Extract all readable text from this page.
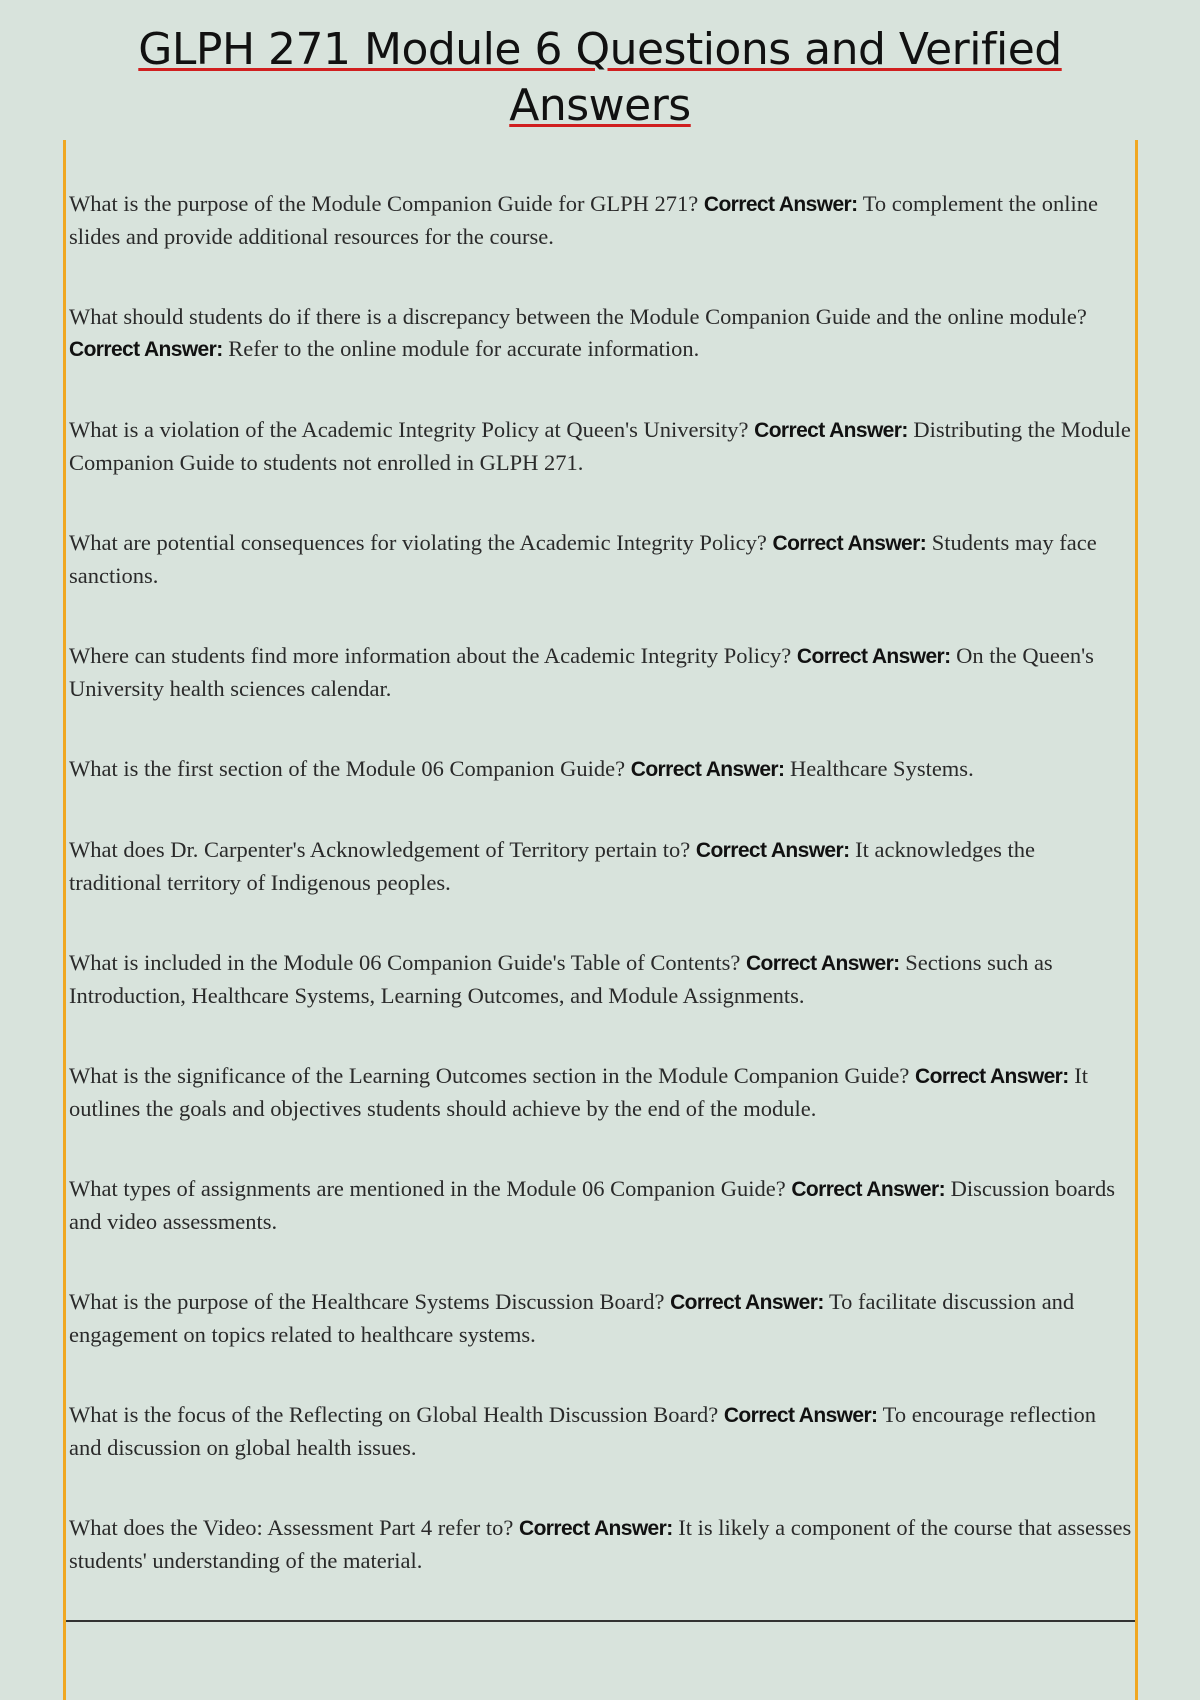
GLPH 271 Module 6 Questions and Verified
Answers

What is the purpose of the Module Companion Guide for GLPH 271? Correct Answer: To complement the online slides and provide additional resources for the course.

What should students do if there is a discrepancy between the Module Companion Guide and the online module? Correct Answer: Refer to the online module for accurate information.

What is a violation of the Academic Integrity Policy at Queen's University? Correct Answer: Distributing the Module Companion Guide to students not enrolled in GLPH 271.

What are potential consequences for violating the Academic Integrity Policy? Correct Answer: Students may face sanctions.

Where can students find more information about the Academic Integrity Policy? Correct Answer: On the Queen's University health sciences calendar.

What is the first section of the Module 06 Companion Guide? Correct Answer: Healthcare Systems.

What does Dr. Carpenter's Acknowledgement of Territory pertain to? Correct Answer: It acknowledges the traditional territory of Indigenous peoples.

What is included in the Module 06 Companion Guide's Table of Contents? Correct Answer: Sections such as Introduction, Healthcare Systems, Learning Outcomes, and Module Assignments.

What is the significance of the Learning Outcomes section in the Module Companion Guide? Correct Answer: It outlines the goals and objectives students should achieve by the end of the module.

What types of assignments are mentioned in the Module 06 Companion Guide? Correct Answer: Discussion boards and video assessments.

What is the purpose of the Healthcare Systems Discussion Board? Correct Answer: To facilitate discussion and engagement on topics related to healthcare systems.

What is the focus of the Reflecting on Global Health Discussion Board? Correct Answer: To encourage reflection and discussion on global health issues.

What does the Video: Assessment Part 4 refer to? Correct Answer: It is likely a component of the course that assesses students' understanding of the material.
